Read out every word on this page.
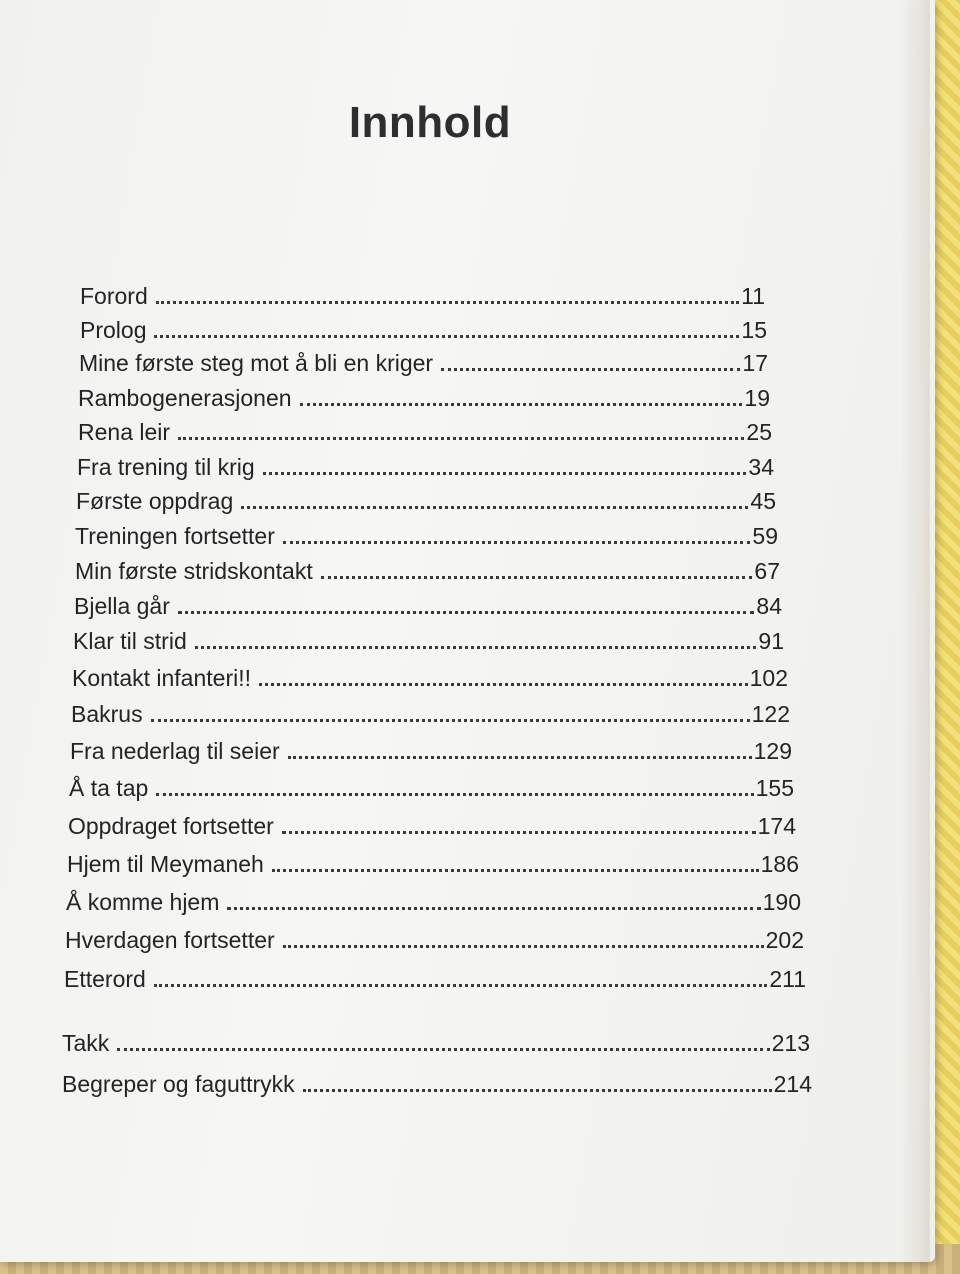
Innhold
Forord	11
Prolog	15
Mine første steg mot å bli en kriger	17
Rambogenerasjonen	19
Rena leir	25
Fra trening til krig	34
Første oppdrag	45
Treningen fortsetter	59
Min første stridskontakt	67
Bjella går	84
Klar til strid	91
Kontakt infanteri!!	102
Bakrus	122
Fra nederlag til seier	129
Å ta tap	155
Oppdraget fortsetter	174
Hjem til Meymaneh	186
Å komme hjem	190
Hverdagen fortsetter	202
Etterord	211
Takk	213
Begreper og faguttrykk	214
